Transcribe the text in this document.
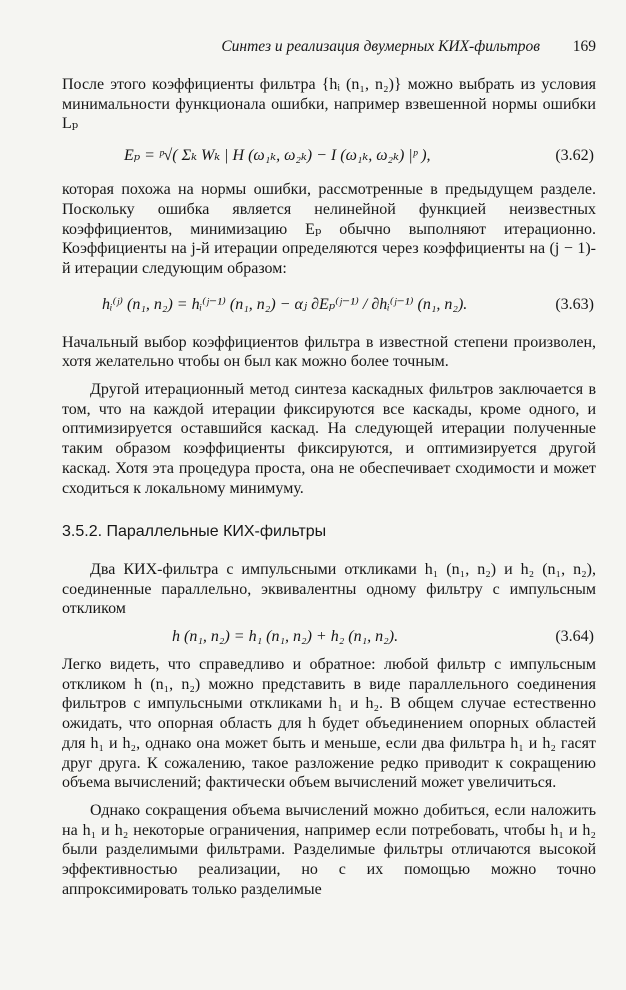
Синтез и реализация двумерных КИХ-фильтров 169

После этого коэффициенты фильтра {hᵢ (n₁, n₂)} можно выбрать из условия минимальности функционала ошибки, например взвешенной нормы ошибки Lₚ

Eₚ = ᵖ√( Σₖ Wₖ | H (ω₁ₖ, ω₂ₖ) − I (ω₁ₖ, ω₂ₖ) |ᵖ ),	(3.62)

которая похожа на нормы ошибки, рассмотренные в предыдущем разделе. Поскольку ошибка является нелинейной функцией неизвестных коэффициентов, минимизацию Eₚ обычно выполняют итерационно. Коэффициенты на j-й итерации определяются через коэффициенты на (j − 1)-й итерации следующим образом:

hᵢ⁽ʲ⁾ (n₁, n₂) = hᵢ⁽ʲ⁻¹⁾ (n₁, n₂) − αⱼ ∂Eₚ⁽ʲ⁻¹⁾ / ∂hᵢ⁽ʲ⁻¹⁾ (n₁, n₂).	(3.63)

Начальный выбор коэффициентов фильтра в известной степени произволен, хотя желательно чтобы он был как можно более точным.

Другой итерационный метод синтеза каскадных фильтров заключается в том, что на каждой итерации фиксируются все каскады, кроме одного, и оптимизируется оставшийся каскад. На следующей итерации полученные таким образом коэффициенты фиксируются, и оптимизируется другой каскад. Хотя эта процедура проста, она не обеспечивает сходимости и может сходиться к локальному минимуму.

3.5.2. Параллельные КИХ-фильтры

Два КИХ-фильтра с импульсными откликами h₁ (n₁, n₂) и h₂ (n₁, n₂), соединенные параллельно, эквивалентны одному фильтру с импульсным откликом

h (n₁, n₂) = h₁ (n₁, n₂) + h₂ (n₁, n₂).	(3.64)

Легко видеть, что справедливо и обратное: любой фильтр с импульсным откликом h (n₁, n₂) можно представить в виде параллельного соединения фильтров с импульсными откликами h₁ и h₂. В общем случае естественно ожидать, что опорная область для h будет объединением опорных областей для h₁ и h₂, однако она может быть и меньше, если два фильтра h₁ и h₂ гасят друг друга. К сожалению, такое разложение редко приводит к сокращению объема вычислений; фактически объем вычислений может увеличиться.

Однако сокращения объема вычислений можно добиться, если наложить на h₁ и h₂ некоторые ограничения, например если потребовать, чтобы h₁ и h₂ были разделимыми фильтрами. Разделимые фильтры отличаются высокой эффективностью реализации, но с их помощью можно точно аппроксимировать только разделимые
